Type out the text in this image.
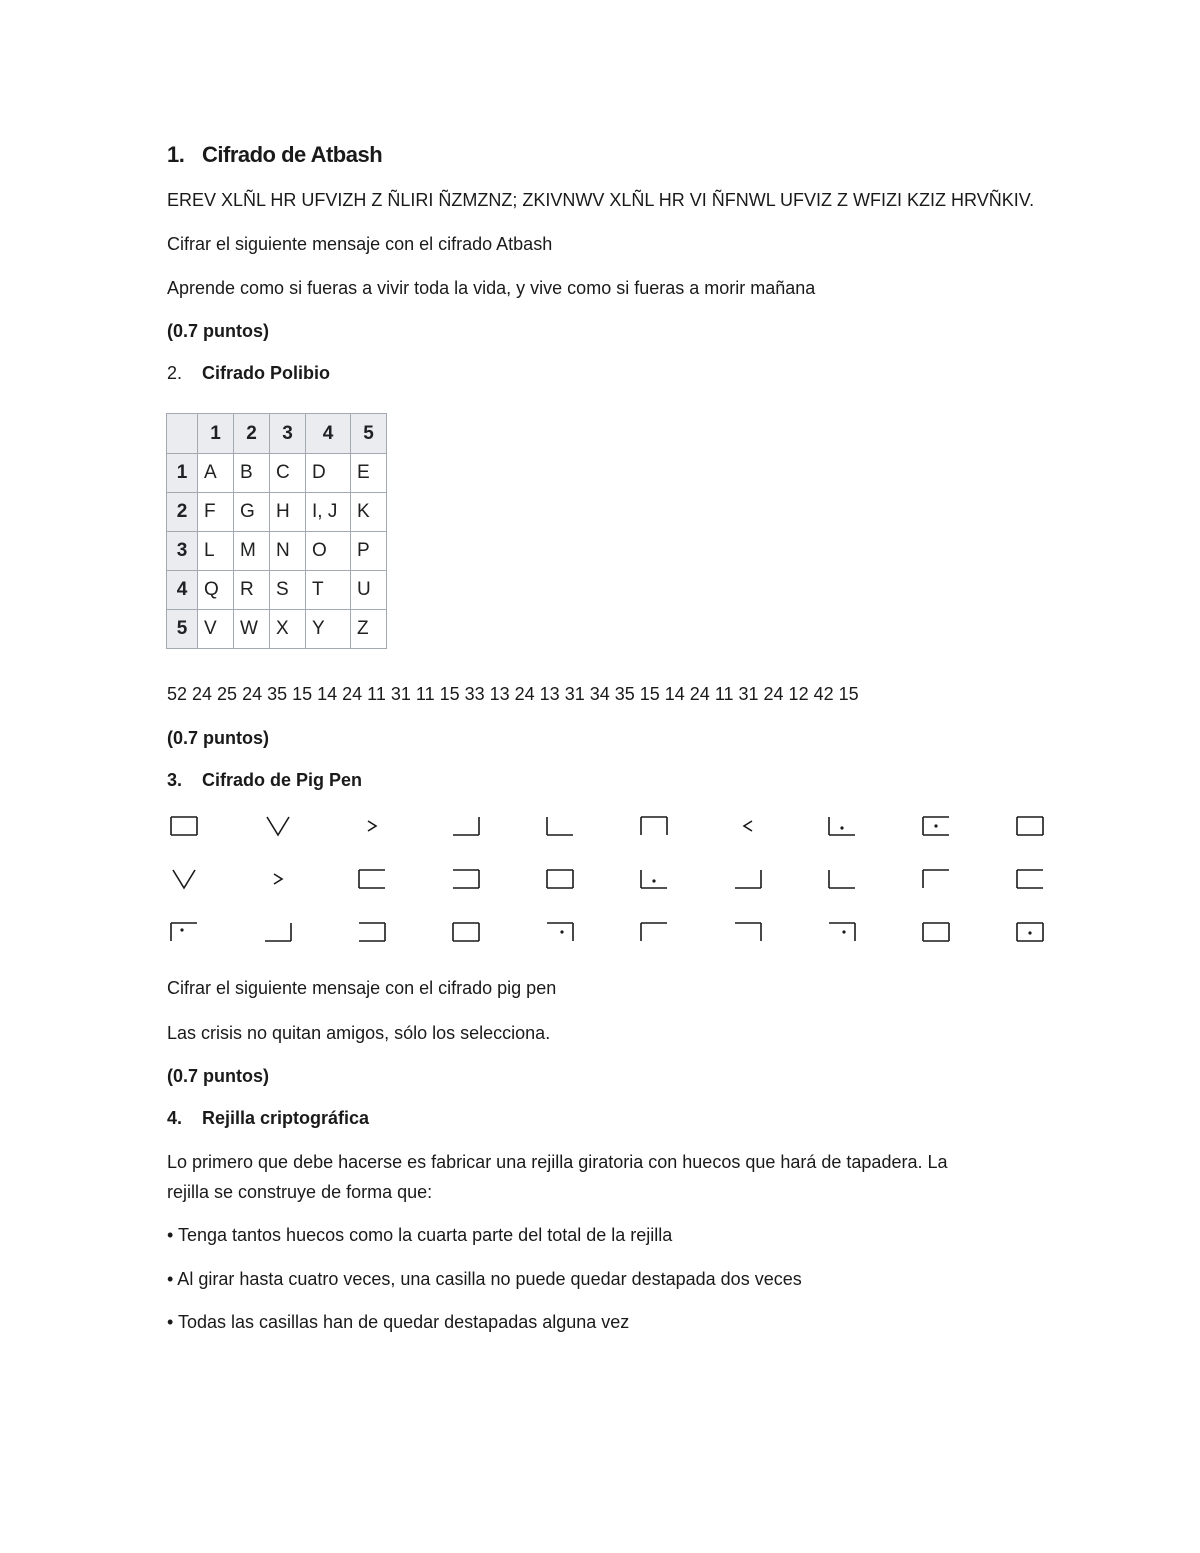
1. Cifrado de Atbash
EREV XLÑL HR UFVIZH Z ÑLIRI ÑZMZNZ; ZKIVNWV XLÑL HR VI ÑFNWL UFVIZ Z WFIZI KZIZ HRVÑKIV.
Cifrar el siguiente mensaje con el cifrado Atbash
Aprende como si fueras a vivir toda la vida, y vive como si fueras a morir mañana
(0.7 puntos)
2. Cifrado Polibio
	1	2	3	4	5
1	A	B	C	D	E
2	F	G	H	I, J	K
3	L	M	N	O	P
4	Q	R	S	T	U
5	V	W	X	Y	Z
52 24 25 24 35 15 14 24 11 31 11 15 33 13 24 13 31 34 35 15 14 24 11 31 24 12 42 15
(0.7 puntos)
3. Cifrado de Pig Pen
Cifrar el siguiente mensaje con el cifrado pig pen
Las crisis no quitan amigos, sólo los selecciona.
(0.7 puntos)
4. Rejilla criptográfica
Lo primero que debe hacerse es fabricar una rejilla giratoria con huecos que hará de tapadera. La
rejilla se construye de forma que:
• Tenga tantos huecos como la cuarta parte del total de la rejilla
• Al girar hasta cuatro veces, una casilla no puede quedar destapada dos veces
• Todas las casillas han de quedar destapadas alguna vez
